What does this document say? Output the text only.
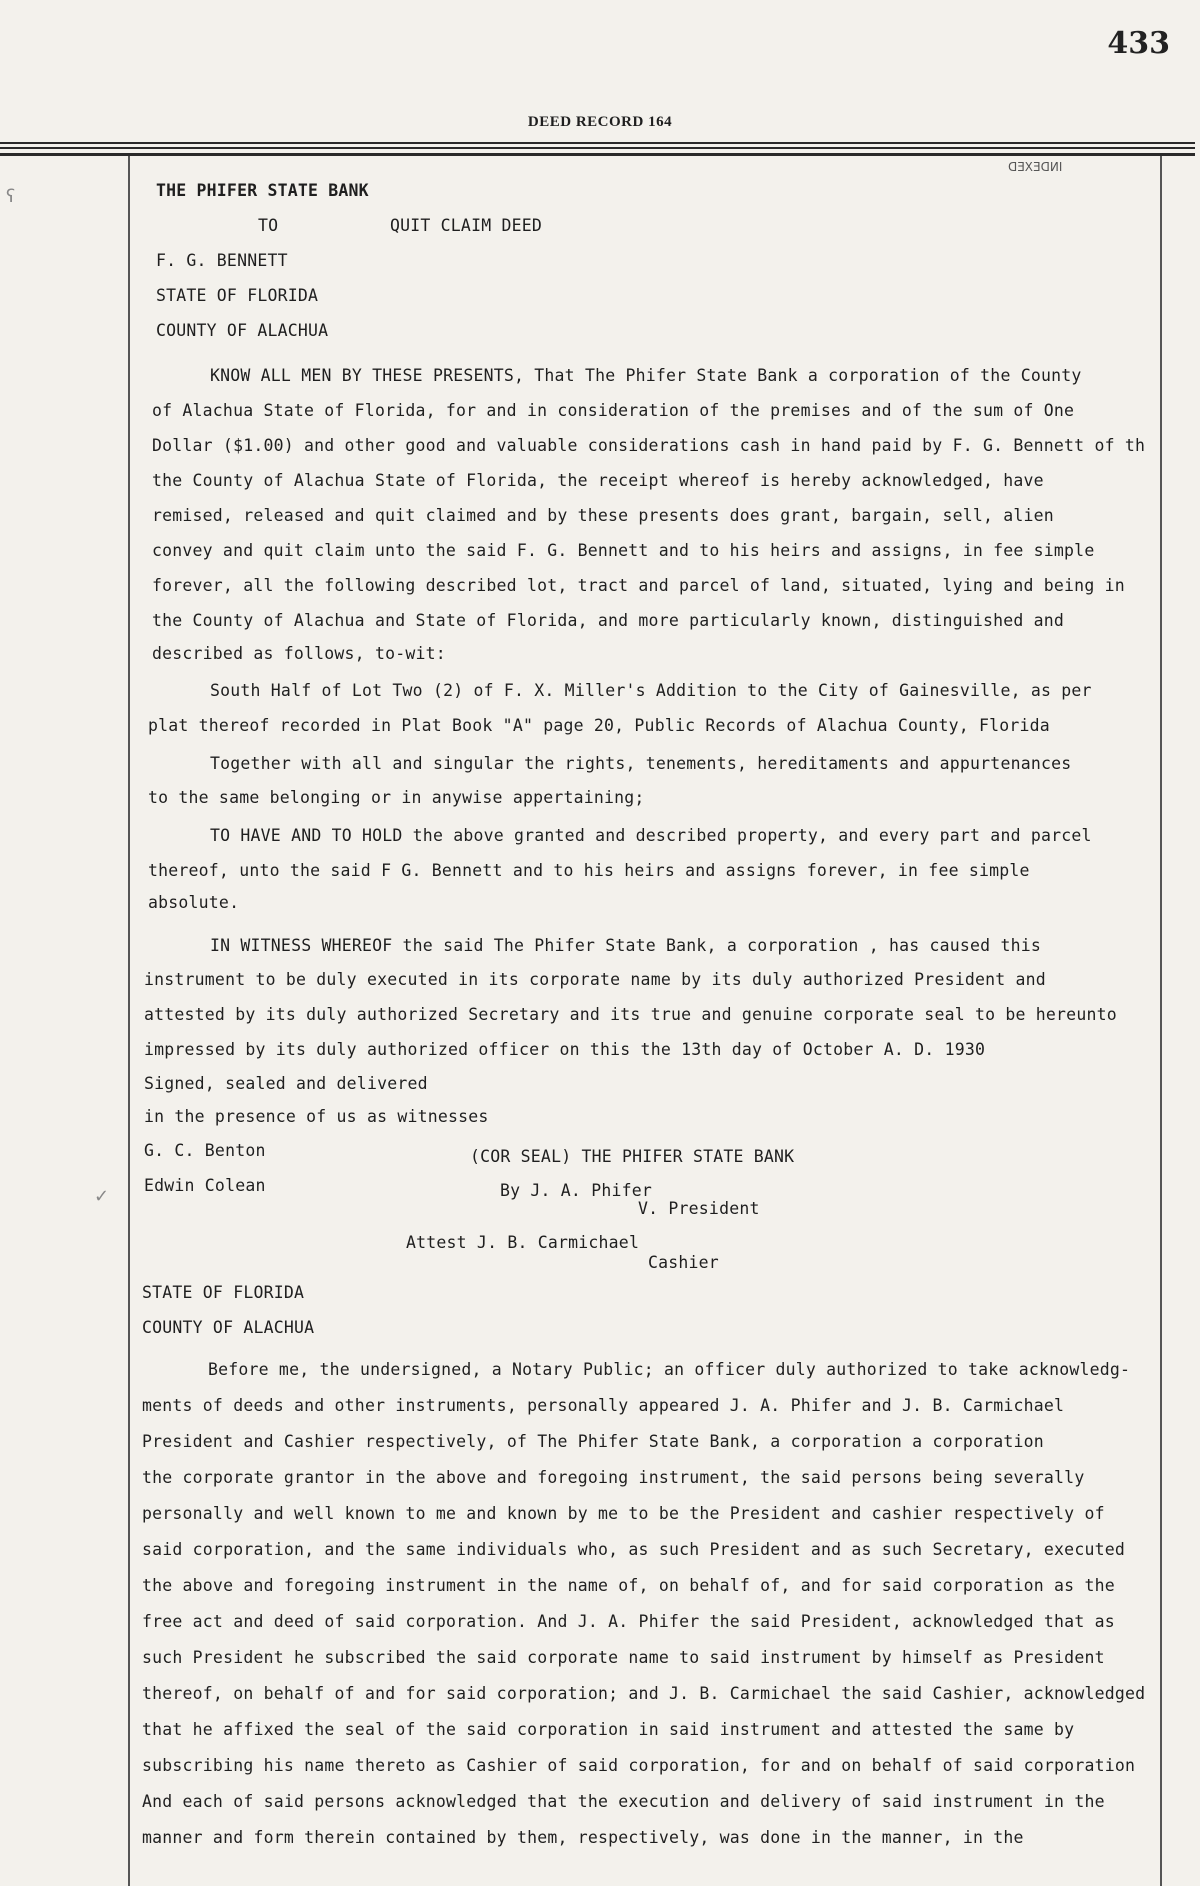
433
DEED RECORD 164
INDEXED
ʕ
✓
THE PHIFER STATE BANK
TO	QUIT CLAIM DEED
F. G. BENNETT
STATE OF FLORIDA
COUNTY OF ALACHUA
KNOW ALL MEN BY THESE PRESENTS, That The Phifer State Bank a corporation of the County
of Alachua State of Florida, for and in consideration of the premises and of the sum of One
Dollar ($1.00) and other good and valuable considerations cash in hand paid by F. G. Bennett of th
the County of Alachua State of Florida, the receipt whereof is hereby acknowledged, have
remised, released and quit claimed and by these presents does grant, bargain, sell, alien
convey and quit claim unto the said F. G. Bennett and to his heirs and assigns, in fee simple
forever, all the following described lot, tract and parcel of land, situated, lying and being in
the County of Alachua and State of Florida, and more particularly known, distinguished and
described as follows, to-wit:
South Half of Lot Two (2) of F. X. Miller's Addition to the City of Gainesville, as per
plat thereof recorded in Plat Book "A" page 20, Public Records of Alachua County, Florida
Together with all and singular the rights, tenements, hereditaments and appurtenances
to the same belonging or in anywise appertaining;
TO HAVE AND TO HOLD the above granted and described property, and every part and parcel
thereof, unto the said F G. Bennett and to his heirs and assigns forever, in fee simple
absolute.
IN WITNESS WHEREOF the said The Phifer State Bank, a corporation , has caused this
instrument to be duly executed in its corporate name by its duly authorized President and
attested by its duly authorized Secretary and its true and genuine corporate seal to be hereunto
impressed by its duly authorized officer on this the 13th day of October A. D. 1930
Signed, sealed and delivered
in the presence of us as witnesses
G. C. Benton	(COR SEAL) THE PHIFER STATE BANK
Edwin Colean	By J. A. Phifer
V. President
Attest J. B. Carmichael
Cashier
STATE OF FLORIDA
COUNTY OF ALACHUA
Before me, the undersigned, a Notary Public; an officer duly authorized to take acknowledg-
ments of deeds and other instruments, personally appeared J. A. Phifer and J. B. Carmichael
President and Cashier respectively, of The Phifer State Bank, a corporation a corporation
the corporate grantor in the above and foregoing instrument, the said persons being severally
personally and well known to me and known by me to be the President and cashier respectively of
said corporation, and the same individuals who, as such President and as such Secretary, executed
the above and foregoing instrument in the name of, on behalf of, and for said corporation as the
free act and deed of said corporation. And J. A. Phifer the said President, acknowledged that as
such President he subscribed the said corporate name to said instrument by himself as President
thereof, on behalf of and for said corporation; and J. B. Carmichael the said Cashier, acknowledged
that he affixed the seal of the said corporation in said instrument and attested the same by
subscribing his name thereto as Cashier of said corporation, for and on behalf of said corporation
And each of said persons acknowledged that the execution and delivery of said instrument in the
manner and form therein contained by them, respectively, was done in the manner, in the
